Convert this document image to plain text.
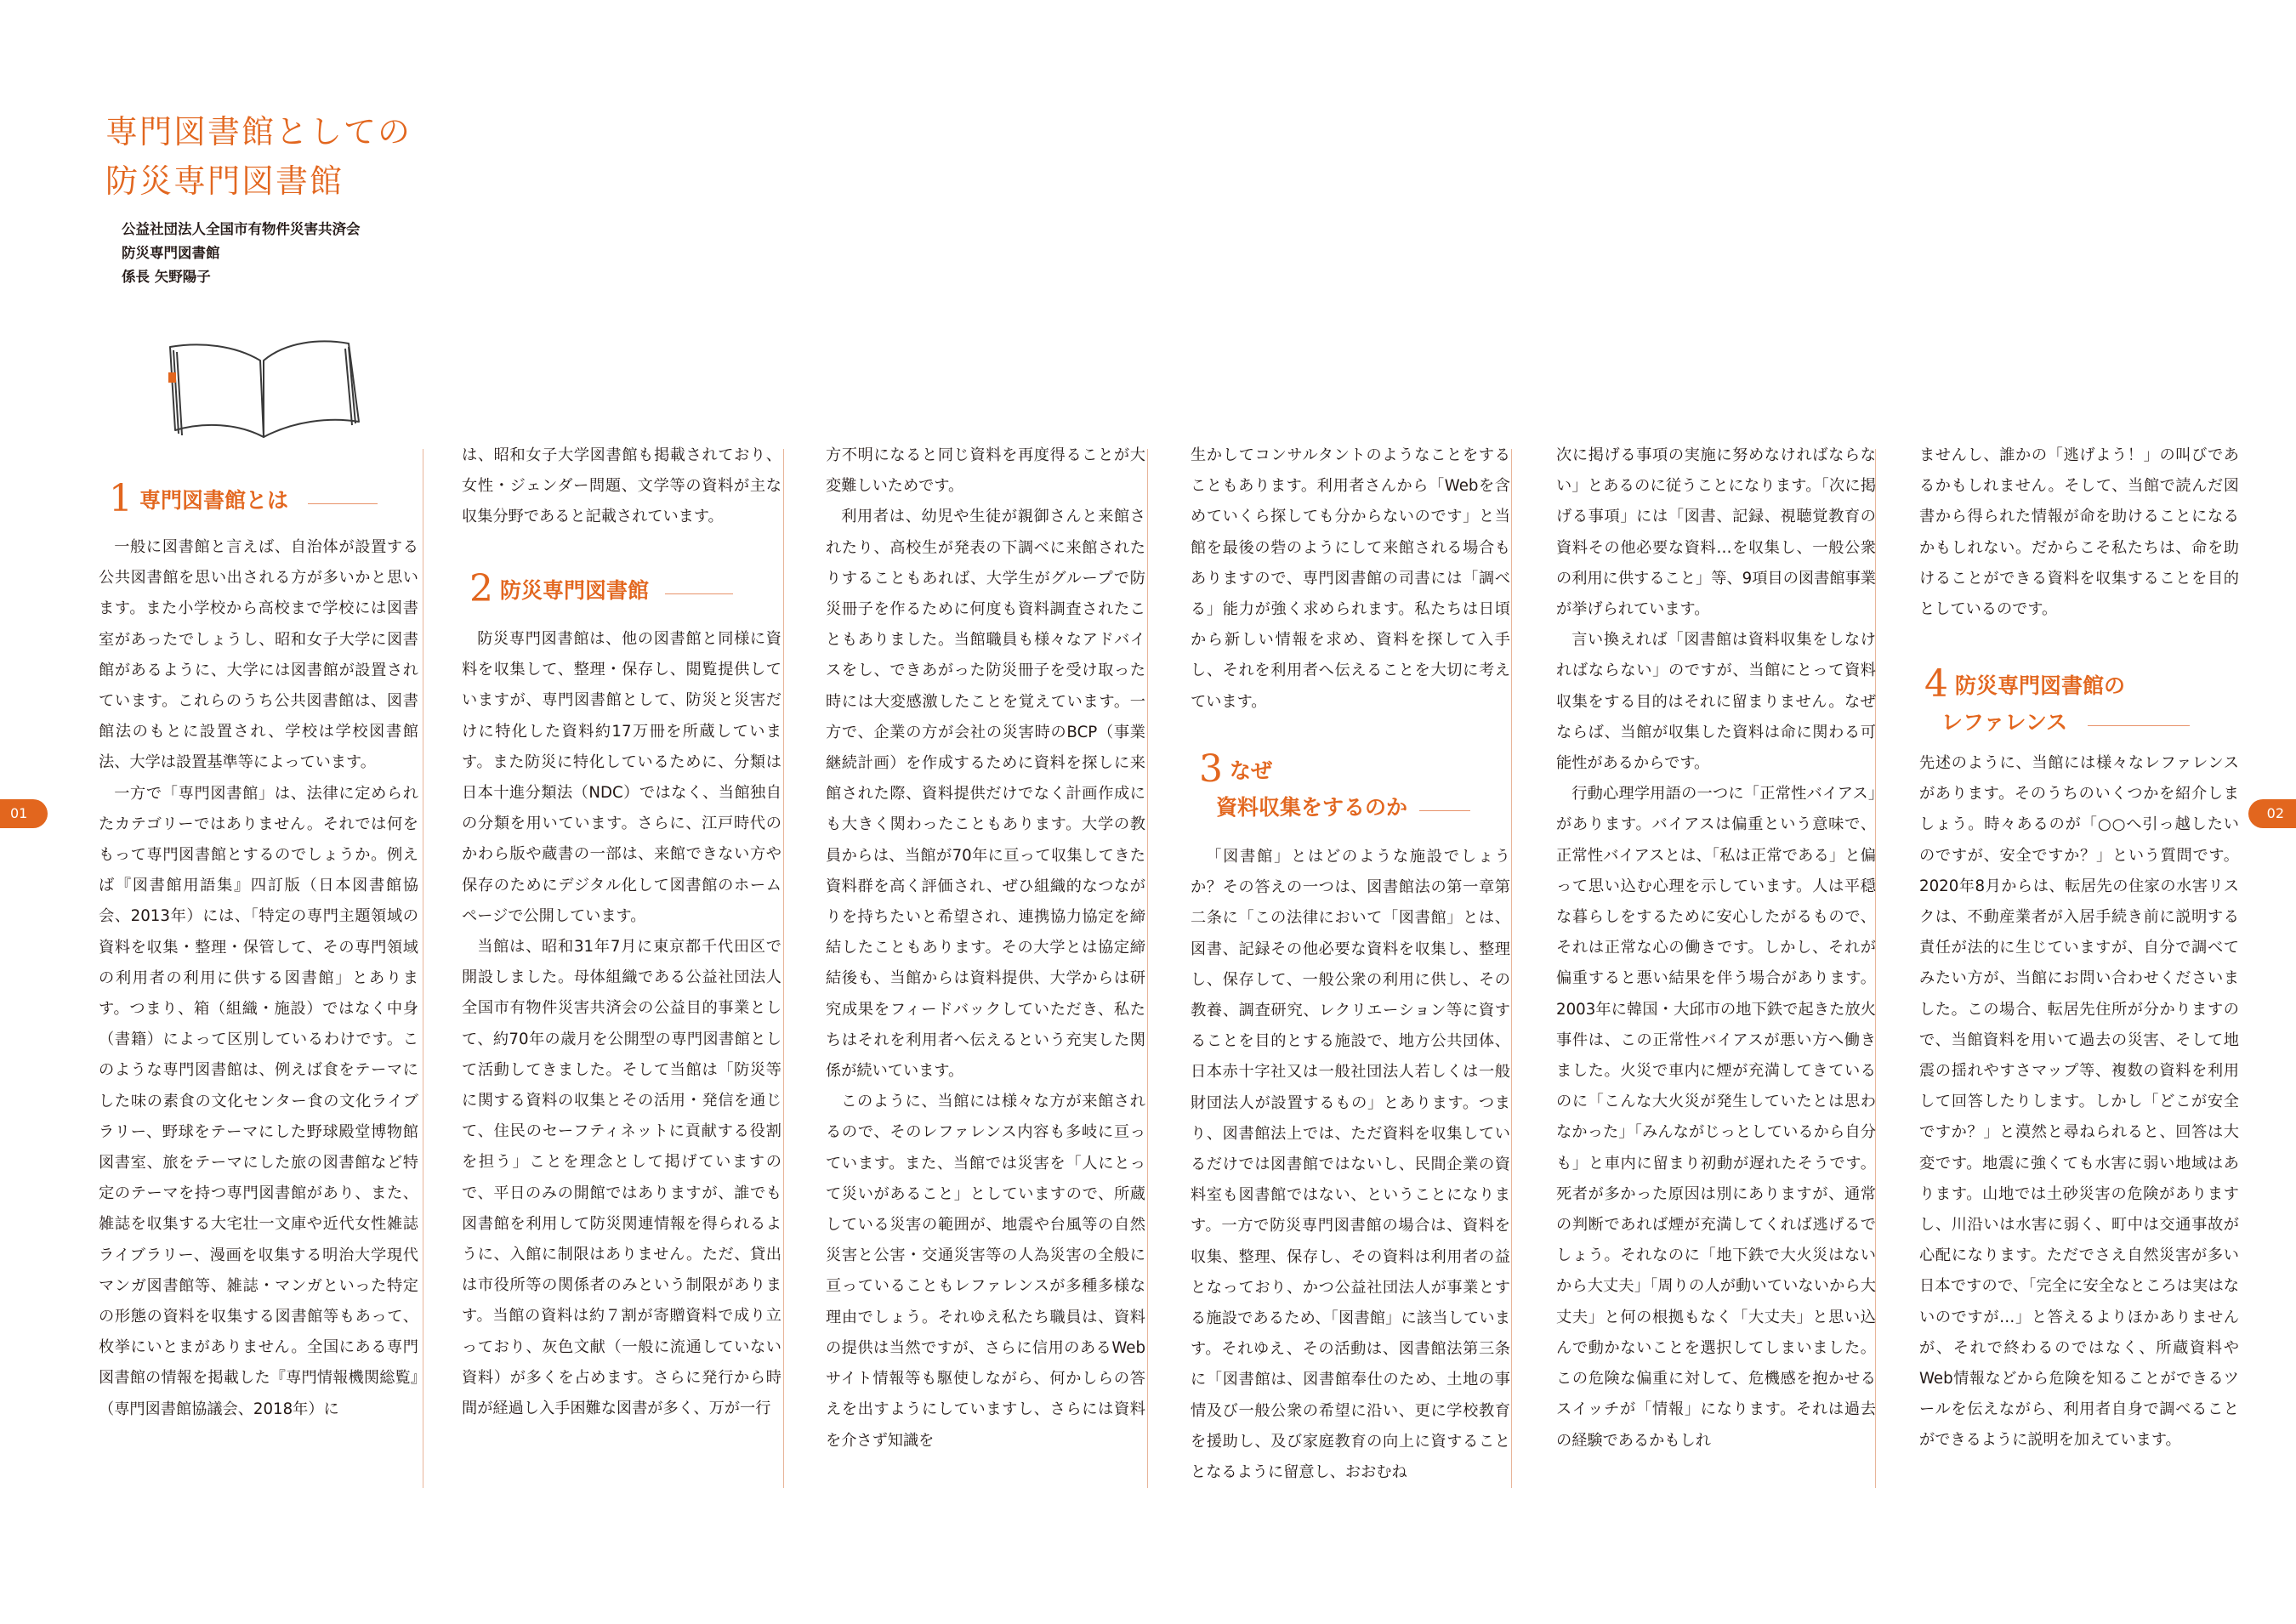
専門図書館としての
防災専門図書館
公益社団法人全国市有物件災害共済会
防災専門図書館
係長 矢野陽子
01	02
1 専門図書館とは

一般に図書館と言えば、自治体が設置する公共図書館を思い出される方が多いかと思います。また小学校から高校まで学校には図書室があったでしょうし、昭和女子大学に図書館があるように、大学には図書館が設置されています。これらのうち公共図書館は、図書館法のもとに設置され、学校は学校図書館法、大学は設置基準等によっています。

一方で「専門図書館」は、法律に定められたカテゴリーではありません。それでは何をもって専門図書館とするのでしょうか。例えば『図書館用語集』四訂版（日本図書館協会、2013年）には、「特定の専門主題領域の資料を収集・整理・保管して、その専門領域の利用者の利用に供する図書館」とあります。つまり、箱（組織・施設）ではなく中身（書籍）によって区別しているわけです。このような専門図書館は、例えば食をテーマにした味の素食の文化センター食の文化ライブラリー、野球をテーマにした野球殿堂博物館図書室、旅をテーマにした旅の図書館など特定のテーマを持つ専門図書館があり、また、雑誌を収集する大宅壮一文庫や近代女性雑誌ライブラリー、漫画を収集する明治大学現代マンガ図書館等、雑誌・マンガといった特定の形態の資料を収集する図書館等もあって、枚挙にいとまがありません。全国にある専門図書館の情報を掲載した『専門情報機関総覧』（専門図書館協議会、2018年）に

は、昭和女子大学図書館も掲載されており、女性・ジェンダー問題、文学等の資料が主な収集分野であると記載されています。

2 防災専門図書館

防災専門図書館は、他の図書館と同様に資料を収集して、整理・保存し、閲覧提供していますが、専門図書館として、防災と災害だけに特化した資料約17万冊を所蔵しています。また防災に特化しているために、分類は日本十進分類法（NDC）ではなく、当館独自の分類を用いています。さらに、江戸時代のかわら版や蔵書の一部は、来館できない方や保存のためにデジタル化して図書館のホームページで公開しています。

当館は、昭和31年7月に東京都千代田区で開設しました。母体組織である公益社団法人全国市有物件災害共済会の公益目的事業として、約70年の歳月を公開型の専門図書館として活動してきました。そして当館は「防災等に関する資料の収集とその活用・発信を通じて、住民のセーフティネットに貢献する役割を担う」ことを理念として掲げていますので、平日のみの開館ではありますが、誰でも図書館を利用して防災関連情報を得られるように、入館に制限はありません。ただ、貸出は市役所等の関係者のみという制限があります。当館の資料は約７割が寄贈資料で成り立っており、灰色文献（一般に流通していない資料）が多くを占めます。さらに発行から時間が経過し入手困難な図書が多く、万が一行

方不明になると同じ資料を再度得ることが大変難しいためです。

利用者は、幼児や生徒が親御さんと来館されたり、高校生が発表の下調べに来館されたりすることもあれば、大学生がグループで防災冊子を作るために何度も資料調査されたこともありました。当館職員も様々なアドバイスをし、できあがった防災冊子を受け取った時には大変感激したことを覚えています。一方で、企業の方が会社の災害時のBCP（事業継続計画）を作成するために資料を探しに来館された際、資料提供だけでなく計画作成にも大きく関わったこともあります。大学の教員からは、当館が70年に亘って収集してきた資料群を高く評価され、ぜひ組織的なつながりを持ちたいと希望され、連携協力協定を締結したこともあります。その大学とは協定締結後も、当館からは資料提供、大学からは研究成果をフィードバックしていただき、私たちはそれを利用者へ伝えるという充実した関係が続いています。

このように、当館には様々な方が来館されるので、そのレファレンス内容も多岐に亘っています。また、当館では災害を「人にとって災いがあること」としていますので、所蔵している災害の範囲が、地震や台風等の自然災害と公害・交通災害等の人為災害の全般に亘っていることもレファレンスが多種多様な理由でしょう。それゆえ私たち職員は、資料の提供は当然ですが、さらに信用のあるWebサイト情報等も駆使しながら、何かしらの答えを出すようにしていますし、さらには資料を介さず知識を

生かしてコンサルタントのようなことをすることもあります。利用者さんから「Webを含めていくら探しても分からないのです」と当館を最後の砦のようにして来館される場合もありますので、専門図書館の司書には「調べる」能力が強く求められます。私たちは日頃から新しい情報を求め、資料を探して入手し、それを利用者へ伝えることを大切に考えています。

3 なぜ
資料収集をするのか

「図書館」とはどのような施設でしょうか？その答えの一つは、図書館法の第一章第二条に「この法律において「図書館」とは、図書、記録その他必要な資料を収集し、整理し、保存して、一般公衆の利用に供し、その教養、調査研究、レクリエーション等に資することを目的とする施設で、地方公共団体、日本赤十字社又は一般社団法人若しくは一般財団法人が設置するもの」とあります。つまり、図書館法上では、ただ資料を収集しているだけでは図書館ではないし、民間企業の資料室も図書館ではない、ということになります。一方で防災専門図書館の場合は、資料を収集、整理、保存し、その資料は利用者の益となっており、かつ公益社団法人が事業とする施設であるため、「図書館」に該当しています。それゆえ、その活動は、図書館法第三条に「図書館は、図書館奉仕のため、土地の事情及び一般公衆の希望に沿い、更に学校教育を援助し、及び家庭教育の向上に資することとなるように留意し、おおむね

次に掲げる事項の実施に努めなければならない」とあるのに従うことになります。「次に掲げる事項」には「図書、記録、視聴覚教育の資料その他必要な資料…を収集し、一般公衆の利用に供すること」等、9項目の図書館事業が挙げられています。

言い換えれば「図書館は資料収集をしなければならない」のですが、当館にとって資料収集をする目的はそれに留まりません。なぜならば、当館が収集した資料は命に関わる可能性があるからです。

行動心理学用語の一つに「正常性バイアス」があります。バイアスは偏重という意味で、正常性バイアスとは、「私は正常である」と偏って思い込む心理を示しています。人は平穏な暮らしをするために安心したがるもので、それは正常な心の働きです。しかし、それが偏重すると悪い結果を伴う場合があります。2003年に韓国・大邱市の地下鉄で起きた放火事件は、この正常性バイアスが悪い方へ働きました。火災で車内に煙が充満してきているのに「こんな大火災が発生していたとは思わなかった」「みんながじっとしているから自分も」と車内に留まり初動が遅れたそうです。死者が多かった原因は別にありますが、通常の判断であれば煙が充満してくれば逃げるでしょう。それなのに「地下鉄で大火災はないから大丈夫」「周りの人が動いていないから大丈夫」と何の根拠もなく「大丈夫」と思い込んで動かないことを選択してしまいました。この危険な偏重に対して、危機感を抱かせるスイッチが「情報」になります。それは過去の経験であるかもしれ

ませんし、誰かの「逃げよう！」の叫びであるかもしれません。そして、当館で読んだ図書から得られた情報が命を助けることになるかもしれない。だからこそ私たちは、命を助けることができる資料を収集することを目的としているのです。

4 防災専門図書館の
レファレンス

先述のように、当館には様々なレファレンスがあります。そのうちのいくつかを紹介しましょう。時々あるのが「○○へ引っ越したいのですが、安全ですか？」という質問です。2020年8月からは、転居先の住家の水害リスクは、不動産業者が入居手続き前に説明する責任が法的に生じていますが、自分で調べてみたい方が、当館にお問い合わせくださいました。この場合、転居先住所が分かりますので、当館資料を用いて過去の災害、そして地震の揺れやすさマップ等、複数の資料を利用して回答したりします。しかし「どこが安全ですか？」と漠然と尋ねられると、回答は大変です。地震に強くても水害に弱い地域はあります。山地では土砂災害の危険がありますし、川沿いは水害に弱く、町中は交通事故が心配になります。ただでさえ自然災害が多い日本ですので、「完全に安全なところは実はないのですが…」と答えるよりほかありませんが、それで終わるのではなく、所蔵資料やWeb情報などから危険を知ることができるツールを伝えながら、利用者自身で調べることができるように説明を加えています。
